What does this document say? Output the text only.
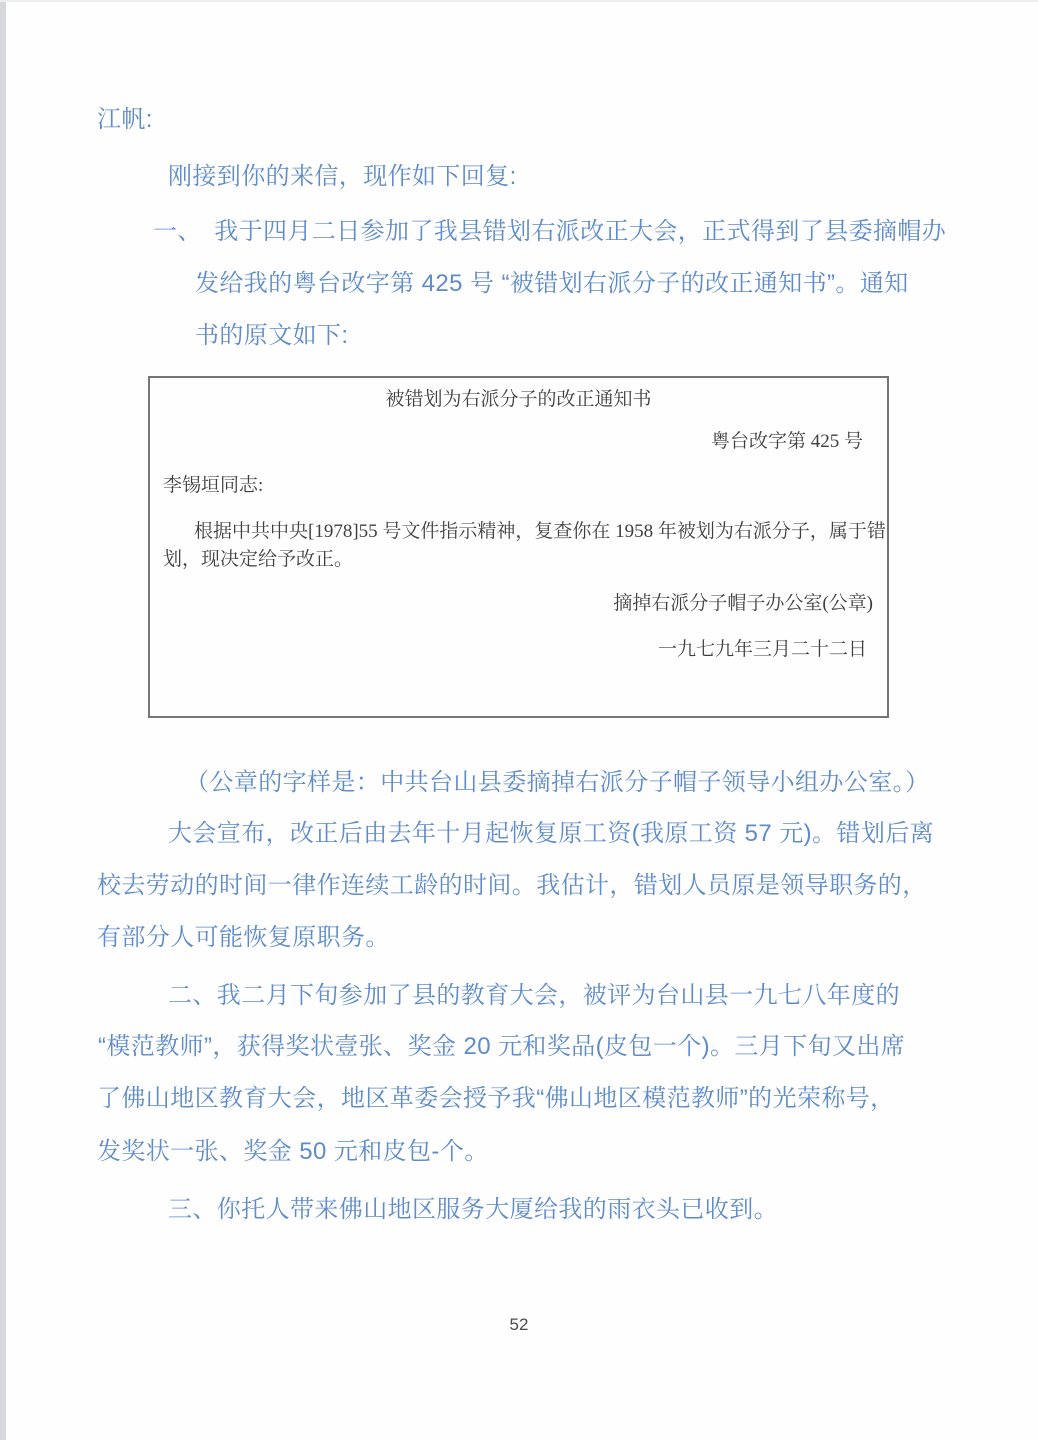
江帆:
刚接到你的来信，现作如下回复:
一、　我于四月二日参加了我县错划右派改正大会，正式得到了县委摘帽办
发给我的粤台改字第 425 号 “被错划右派分子的改正通知书”。通知
书的原文如下:
被错划为右派分子的改正通知书
粤台改字第 425 号
李锡垣同志:
根据中共中央[1978]55 号文件指示精神，复查你在 1958 年被划为右派分子，属于错
划，现决定给予改正。
摘掉右派分子帽子办公室(公章)
一九七九年三月二十二日
（公章的字样是：中共台山县委摘掉右派分子帽子领导小组办公室。）
大会宣布，改正后由去年十月起恢复原工资(我原工资 57 元)。错划后离
校去劳动的时间一律作连续工龄的时间。我估计，错划人员原是领导职务的，
有部分人可能恢复原职务。
二、我二月下旬参加了县的教育大会，被评为台山县一九七八年度的
“模范教师”，获得奖状壹张、奖金 20 元和奖品(皮包一个)。三月下旬又出席
了佛山地区教育大会，地区革委会授予我“佛山地区模范教师”的光荣称号，
发奖状一张、奖金 50 元和皮包-个。
三、你托人带来佛山地区服务大厦给我的雨衣头已收到。
52
